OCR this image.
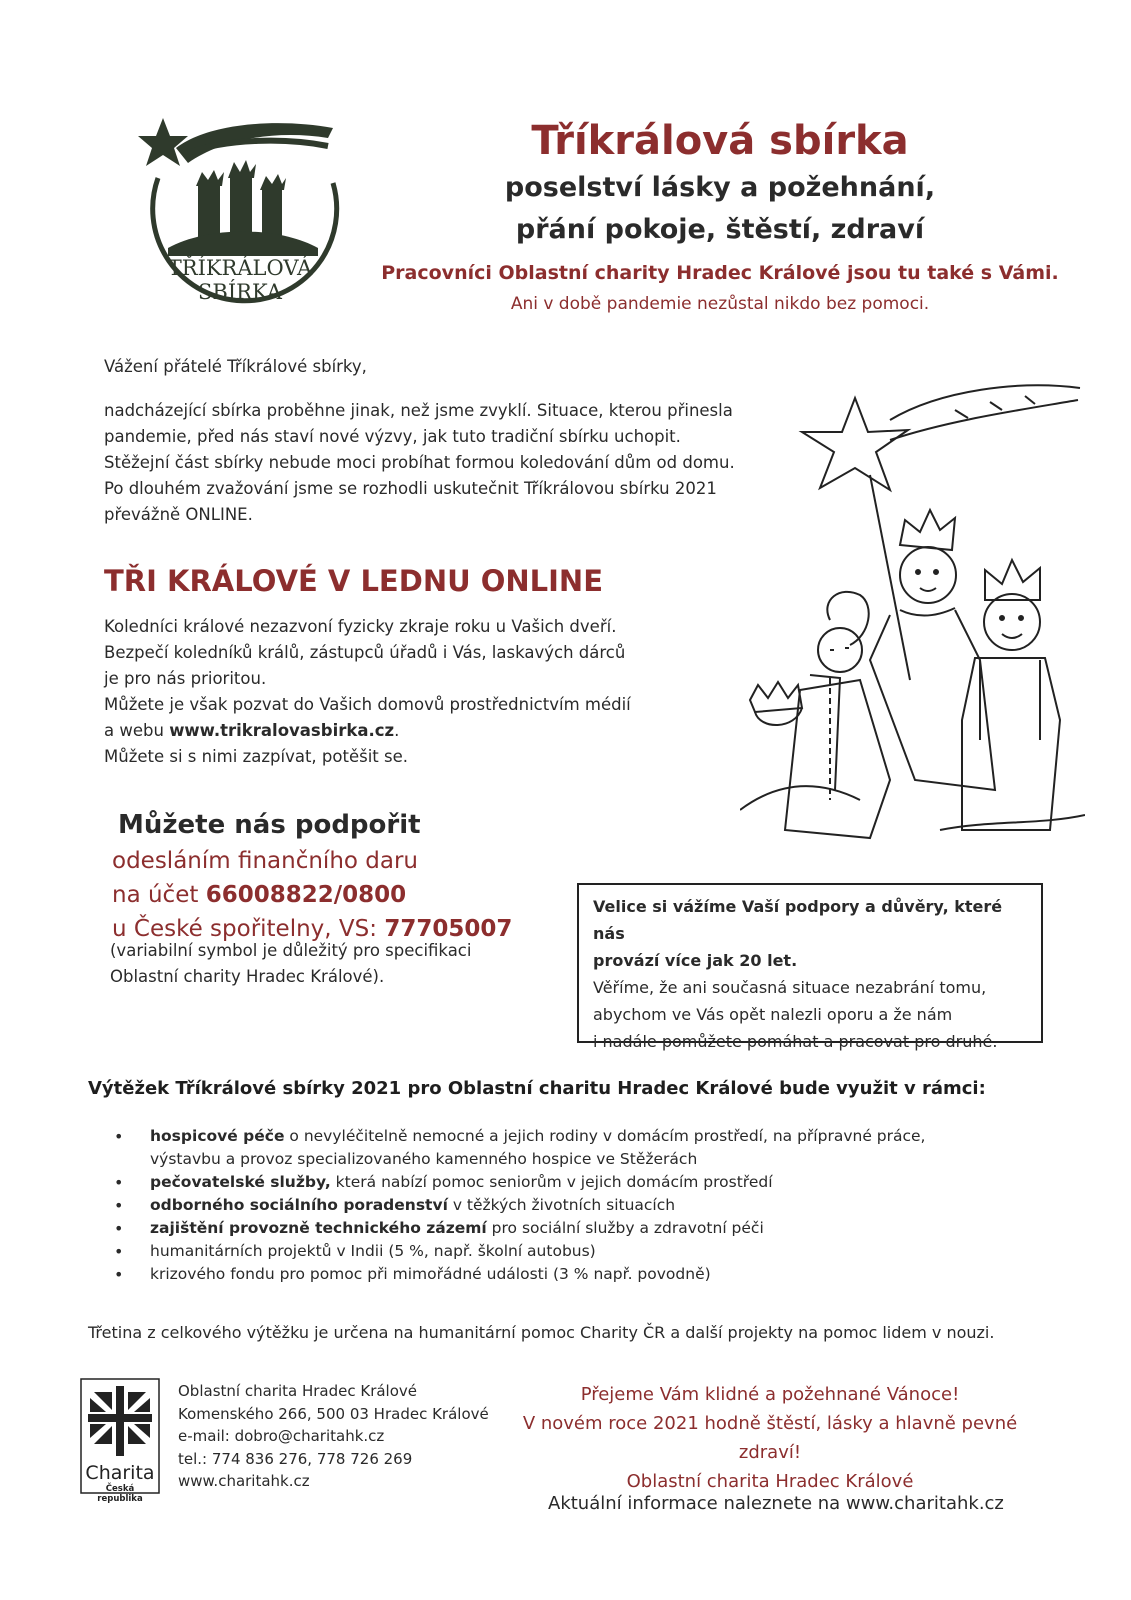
TŘÍKRÁLOVÁ
SBÍRKA
Tříkrálová sbírka
poselství lásky a požehnání,
přání pokoje, štěstí, zdraví
Pracovníci Oblastní charity Hradec Králové jsou tu také s Vámi.
Ani v době pandemie nezůstal nikdo bez pomoci.
Vážení přátelé Tříkrálové sbírky,
nadcházející sbírka proběhne jinak, než jsme zvyklí. Situace, kterou přinesla
pandemie, před nás staví nové výzvy, jak tuto tradiční sbírku uchopit.
Stěžejní část sbírky nebude moci probíhat formou koledování dům od domu.
Po dlouhém zvažování jsme se rozhodli uskutečnit Tříkrálovou sbírku 2021
převážně ONLINE.
TŘI KRÁLOVÉ V LEDNU ONLINE
Koledníci králové nezazvoní fyzicky zkraje roku u Vašich dveří.
Bezpečí koledníků králů, zástupců úřadů i Vás, laskavých dárců
je pro nás prioritou.
Můžete je však pozvat do Vašich domovů prostřednictvím médií
a webu www.trikralovasbirka.cz.
Můžete si s nimi zazpívat, potěšit se.
Můžete nás podpořit
odesláním finančního daru
na účet 66008822/0800
u České spořitelny, VS: 77705007
(variabilní symbol je důležitý pro specifikaci
Oblastní charity Hradec Králové).
Velice si vážíme Vaší podpory a důvěry, které nás
provází více jak 20 let.
Věříme, že ani současná situace nezabrání tomu,
abychom ve Vás opět nalezli oporu a že nám
i nadále pomůžete pomáhat a pracovat pro druhé.
Výtěžek Tříkrálové sbírky 2021 pro Oblastní charitu Hradec Králové bude využit v rámci:
• hospicové péče o nevyléčitelně nemocné a jejich rodiny v domácím prostředí, na přípravné práce,
výstavbu a provoz specializovaného kamenného hospice ve Stěžerách
• pečovatelské služby, která nabízí pomoc seniorům v jejich domácím prostředí
• odborného sociálního poradenství v těžkých životních situacích
• zajištění provozně technického zázemí pro sociální služby a zdravotní péči
• humanitárních projektů v Indii (5 %, např. školní autobus)
• krizového fondu pro pomoc při mimořádné události (3 % např. povodně)
Třetina z celkového výtěžku je určena na humanitární pomoc Charity ČR a další projekty na pomoc lidem v nouzi.
Charita
Česká republika
Oblastní charita Hradec Králové
Komenského 266, 500 03 Hradec Králové
e-mail: dobro@charitahk.cz
tel.: 774 836 276, 778 726 269
www.charitahk.cz
Přejeme Vám klidné a požehnané Vánoce!
V novém roce 2021 hodně štěstí, lásky a hlavně pevné zdraví!
Oblastní charita Hradec Králové
Aktuální informace naleznete na www.charitahk.cz
